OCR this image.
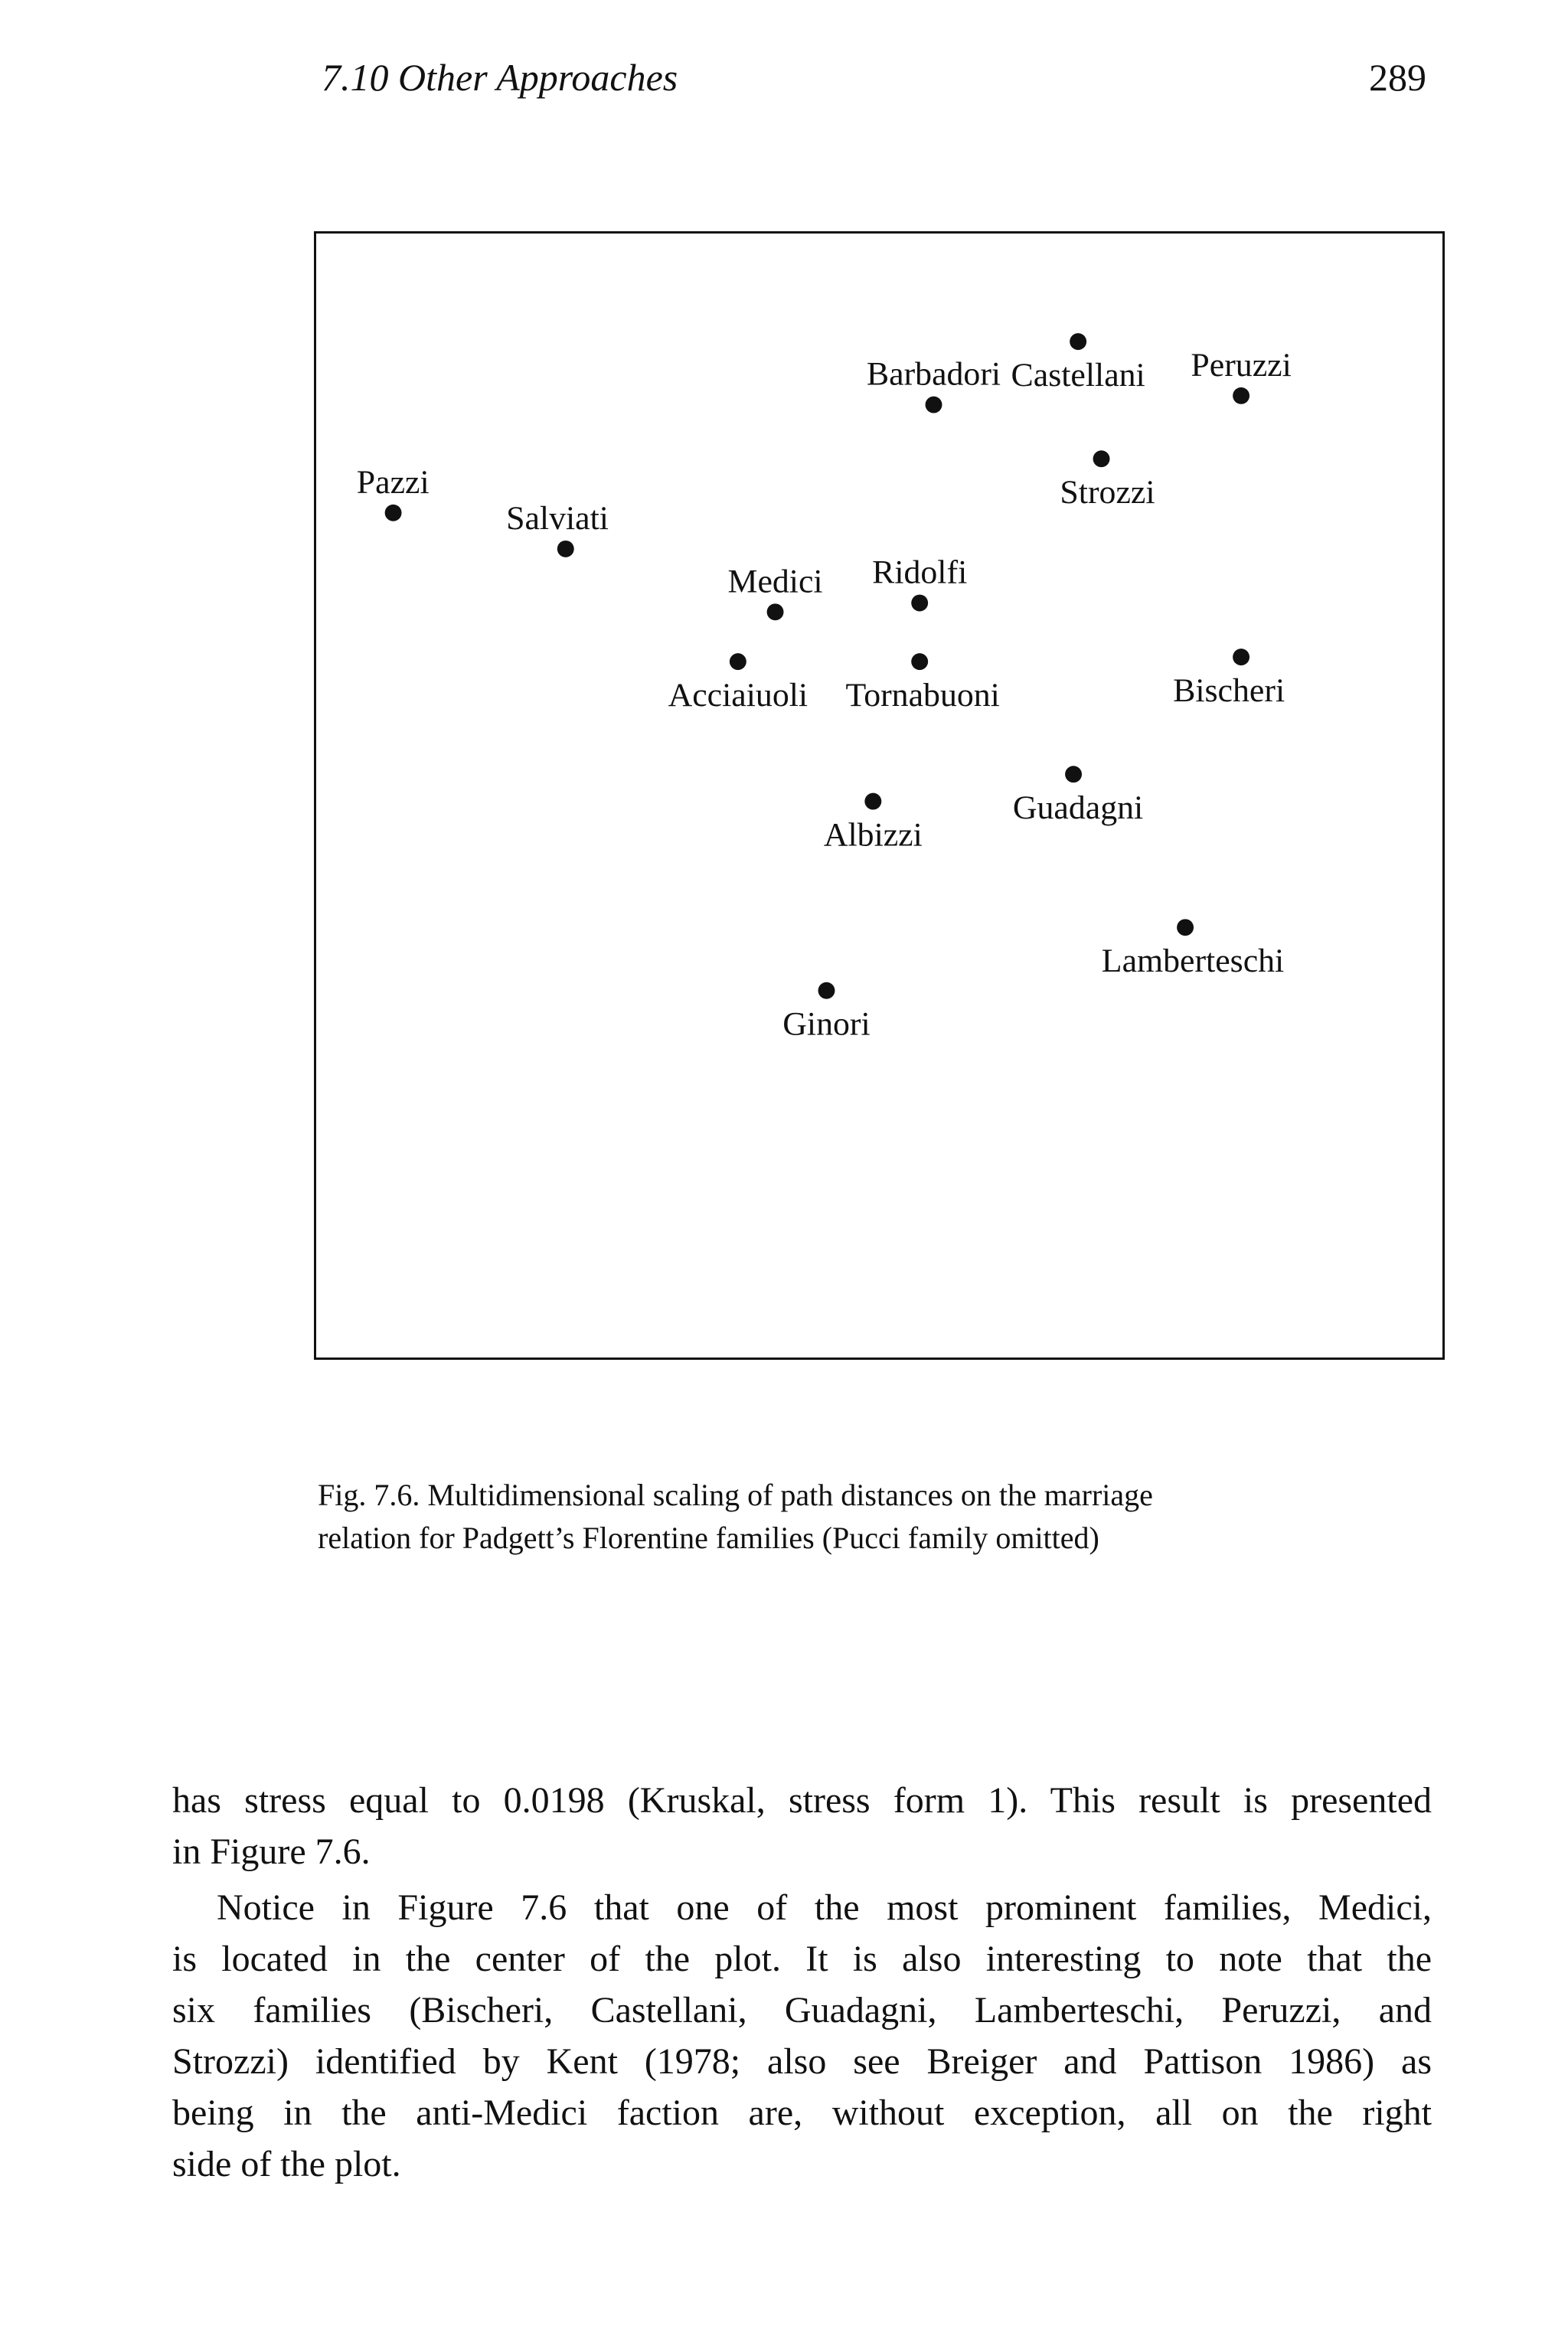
7.10 Other Approaches	289
Castellani
Barbadori	Peruzzi
Strozzi
Pazzi
Salviati
Medici Ridolfi
Acciaiuoli Tornabuoni	Bischeri
Guadagni
Albizzi
Lamberteschi
Ginori
Fig. 7.6. Multidimensional scaling of path distances on the marriage
relation for Padgett’s Florentine families (Pucci family omitted)
has stress equal to 0.0198 (Kruskal, stress form 1). This result is presented
in Figure 7.6.
Notice in Figure 7.6 that one of the most prominent families, Medici,
is located in the center of the plot. It is also interesting to note that the
six families (Bischeri, Castellani, Guadagni, Lamberteschi, Peruzzi, and
Strozzi) identified by Kent (1978; also see Breiger and Pattison 1986) as
being in the anti-Medici faction are, without exception, all on the right
side of the plot.
